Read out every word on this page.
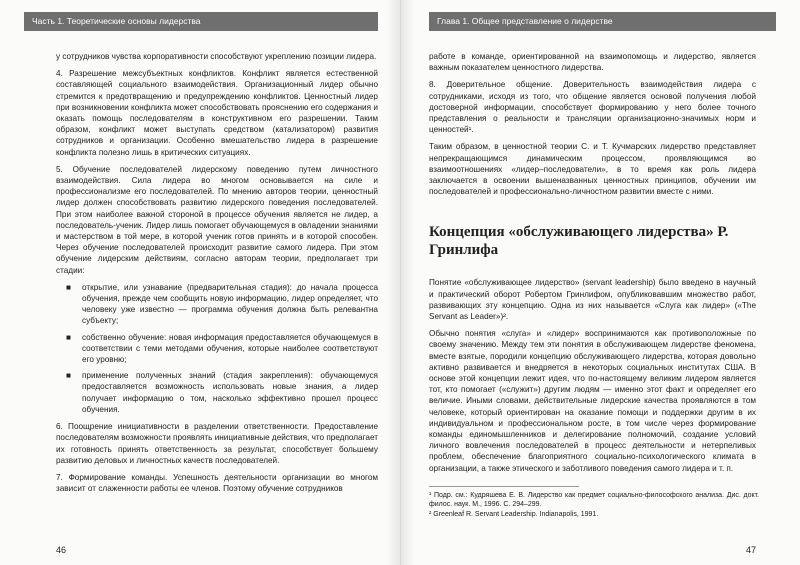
Часть 1. Теоретические основы лидерства

у сотрудников чувства корпоративности способствуют укреплению позиции лидера.

4. Разрешение межсубъектных конфликтов. Конфликт является естественной составляющей социального взаимодействия. Организационный лидер обычно стремится к предотвращению и предупреждению конфликтов. Ценностный лидер при возникновении конфликта может способствовать прояснению его содержания и оказать помощь последователям в конструктивном его разрешении. Таким образом, конфликт может выступать средством (катализатором) развития сотрудников и организации. Особенно вмешательство лидера в разрешение конфликта полезно лишь в критических ситуациях.

5. Обучение последователей лидерскому поведению путем личностного взаимодействия. Сила лидера во многом основывается на силе и профессионализме его последователей. По мнению авторов теории, ценностный лидер должен способствовать развитию лидерского поведения последователей. При этом наиболее важной стороной в процессе обучения является не лидер, а последователь-ученик. Лидер лишь помогает обучающемуся в овладении знаниями и мастерством в той мере, в которой ученик готов принять и в которой способен. Через обучение последователей происходит развитие самого лидера. При этом обучение лидерским действиям, согласно авторам теории, предполагает три стадии:

■ открытие, или узнавание (предварительная стадия): до начала процесса обучения, прежде чем сообщить новую информацию, лидер определяет, что человеку уже известно — программа обучения должна быть релевантна субъекту;
■ собственно обучение: новая информация предоставляется обучающемуся в соответствии с теми методами обучения, которые наиболее соответствуют его уровню;
■ применение полученных знаний (стадия закрепления): обучающемуся предоставляется возможность использовать новые знания, а лидер получает информацию о том, насколько эффективно прошел процесс обучения.

6. Поощрение инициативности в разделении ответственности. Предоставление последователям возможности проявлять инициативные действия, что предполагает их готовность принять ответственность за результат, способствует большему развитию деловых и личностных качеств последователей.

7. Формирование команды. Успешность деятельности организации во многом зависит от слаженности работы ее членов. Поэтому обучение сотрудников

46
Глава 1. Общее представление о лидерстве

работе в команде, ориентированной на взаимопомощь и лидерство, является важным показателем ценностного лидерства.

8. Доверительное общение. Доверительность взаимодействия лидера с сотрудниками, исходя из того, что общение является основой получения любой достоверной информации, способствует формированию у него более точного представления о реальности и трансляции организационно-значимых норм и ценностей¹.

Таким образом, в ценностной теории С. и Т. Кучмарских лидерство представляет непрекращающимся динамическим процессом, проявляющимся во взаимоотношениях «лидер–последователи», в то время как роль лидера заключается в освоении вышеназванных ценностных принципов, обучении им последователей и профессионально-личностном развитии вместе с ними.

Концепция «обслуживающего лидерства» Р. Гринлифа

Понятие «обслуживающее лидерство» (servant leadership) было введено в научный и практический оборот Робертом Гринлифом, опубликовавшим множество работ, развивающих эту концепцию. Одна из них называется «Слуга как лидер» («The Servant as Leader»)².

Обычно понятия «слуга» и «лидер» воспринимаются как противоположные по своему значению. Между тем эти понятия в обслуживающем лидерстве феномена, вместе взятые, породили концепцию обслуживающего лидерства, которая довольно активно развивается и внедряется в некоторых социальных институтах США. В основе этой концепции лежит идея, что по-настоящему великим лидером является тот, кто помогает («служит») другим людям — именно этот факт и определяет его величие. Иными словами, действительные лидерские качества проявляются в том человеке, который ориентирован на оказание помощи и поддержки другим в их индивидуальном и профессиональном росте, в том числе через формирование команды единомышленников и делегирование полномочий, создание условий личного вовлечения последователей в процесс деятельности и нетерпеливых проблем, обеспечение благоприятного социально-психологического климата в организации, а также этического и заботливого поведения самого лидера и т. п.

¹ Подр. см.: Кудряшева Е. В. Лидерство как предмет социально-философского анализа. Дис. докт. филос. наук. М., 1996. С. 294–299.
² Greenleaf R. Servant Leadership. Indianapolis, 1991.
47
